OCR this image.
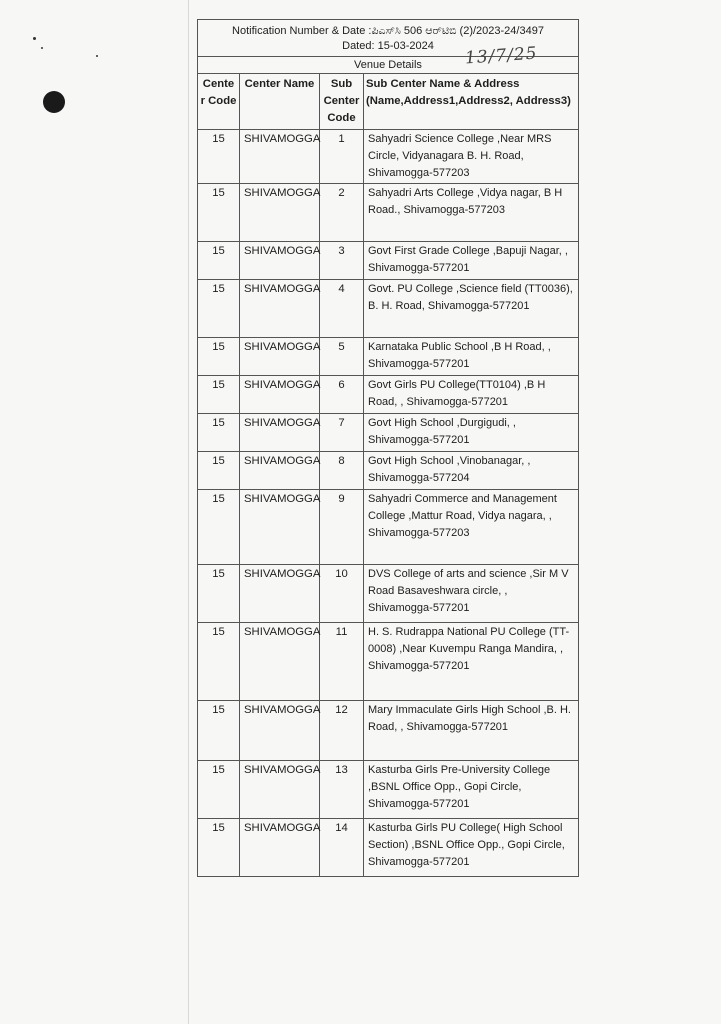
Notification Number & Date :ಪಿಎಸ್‌ಸಿ 506 ಆರ್‌ಟಿಬಿ (2)/2023-24/3497
Dated: 15-03-2024			

Venue Details 13/7/25			

Cente r Code	Center Name	Sub Center Code	Sub Center Name & Address (Name,Address1,Address2, Address3)
15	SHIVAMOGGA	1	Sahyadri Science College ,Near MRS Circle, Vidyanagara B. H. Road, Shivamogga-577203
15	SHIVAMOGGA	2	Sahyadri Arts College ,Vidya nagar, B H Road., Shivamogga-577203
15	SHIVAMOGGA	3	Govt First Grade College ,Bapuji Nagar, , Shivamogga-577201
15	SHIVAMOGGA	4	Govt. PU College ,Science field (TT0036), B. H. Road, Shivamogga-577201
15	SHIVAMOGGA	5	Karnataka Public School ,B H Road, , Shivamogga-577201
15	SHIVAMOGGA	6	Govt Girls PU College(TT0104) ,B H Road, , Shivamogga-577201
15	SHIVAMOGGA	7	Govt High School ,Durgigudi, , Shivamogga-577201
15	SHIVAMOGGA	8	Govt High School ,Vinobanagar, , Shivamogga-577204
15	SHIVAMOGGA	9	Sahyadri Commerce and Management College ,Mattur Road, Vidya nagara, , Shivamogga-577203
15	SHIVAMOGGA	10	DVS College of arts and science ,Sir M V Road Basaveshwara circle, , Shivamogga-577201
15	SHIVAMOGGA	11	H. S. Rudrappa National PU College (TT-0008) ,Near Kuvempu Ranga Mandira, , Shivamogga-577201
15	SHIVAMOGGA	12	Mary Immaculate Girls High School ,B. H. Road, , Shivamogga-577201
15	SHIVAMOGGA	13	Kasturba Girls Pre-University College ,BSNL Office Opp., Gopi Circle, Shivamogga-577201
15	SHIVAMOGGA	14	Kasturba Girls PU College( High School Section) ,BSNL Office Opp., Gopi Circle, Shivamogga-577201
